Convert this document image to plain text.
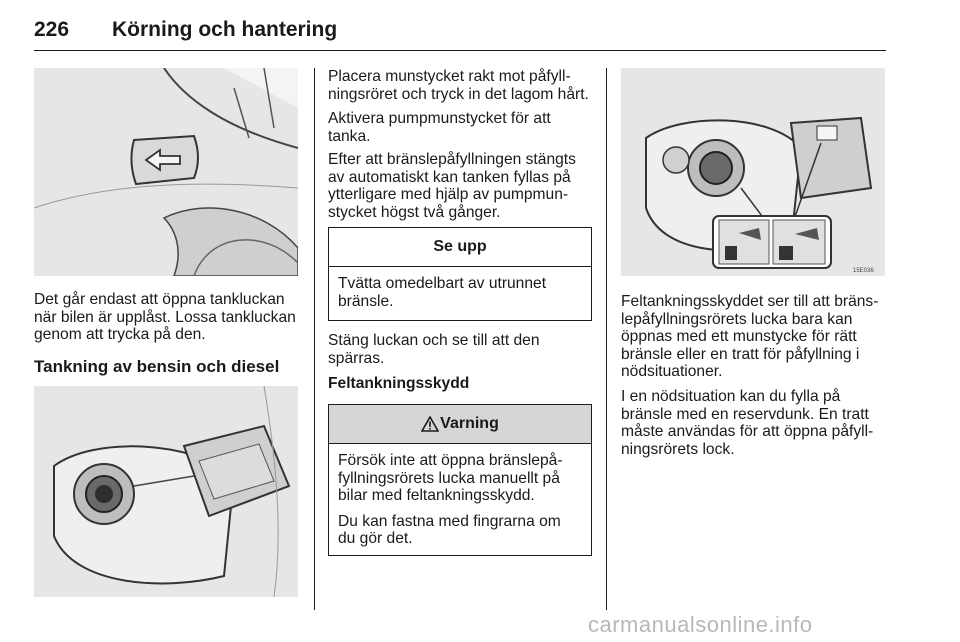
226 Körning och hantering

Det går endast att öppna tankluckan
när bilen är upplåst. Lossa tankluckan
genom att trycka på den.

Tankning av bensin och diesel

Placera munstycket rakt mot påfyll-
ningsröret och tryck in det lagom hårt.

Aktivera pumpmunstycket för att
tanka.

Efter att bränslepåfyllningen stängts
av automatiskt kan tanken fyllas på
ytterligare med hjälp av pumpmun-
stycket högst två gånger.

Se upp

Tvätta omedelbart av utrunnet
bränsle.

Stäng luckan och se till att den
spärras.

Feltankningsskydd
Varning

Försök inte att öppna bränslepå-
fyllningsrörets lucka manuellt på
bilar med feltankningsskydd.

Du kan fastna med fingrarna om
du gör det.

15E036

Feltankningsskyddet ser till att bräns-
lepåfyllningsrörets lucka bara kan
öppnas med ett munstycke för rätt
bränsle eller en tratt för påfyllning i
nödsituationer.

I en nödsituation kan du fylla på
bränsle med en reservdunk. En tratt
måste användas för att öppna påfyll-
ningsrörets lock.

carmanualsonline.info
